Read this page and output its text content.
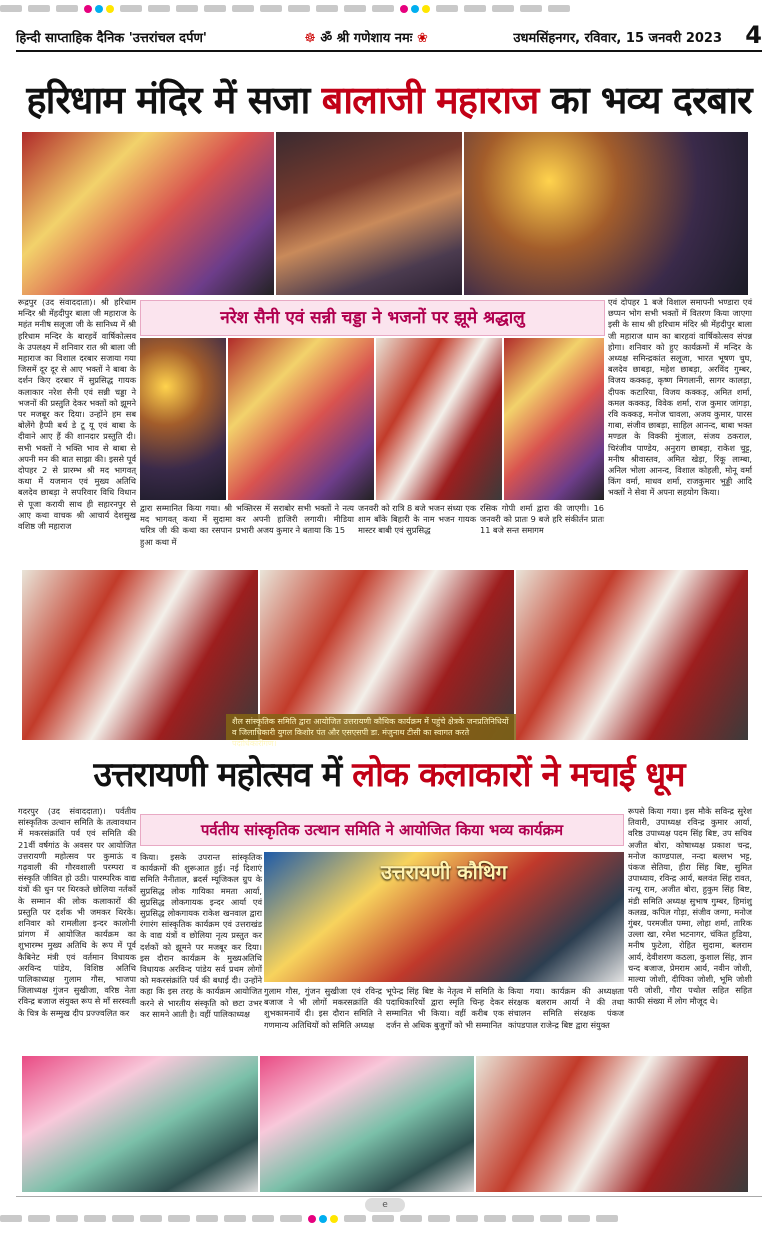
हिन्दी साप्ताहिक दैनिक 'उत्तरांचल दर्पण'	☸ ॐ श्री गणेशाय नमः ❀	उधमसिंहनगर, रविवार, 15 जनवरी 2023 4
हरिधाम मंदिर में सजा बालाजी महाराज का भव्य दरबार

रूद्रपुर (उद संवाददाता)। श्री हरिधाम मन्दिर श्री मेंहदीपुर बाला जी महाराज के महंत मनीष सलूजा जी के सानिध्य में श्री हरिधाम मन्दिर के बारहवें वार्षिकोत्सव के उपलक्ष्य में शनिवार रात श्री बाला जी महाराज का विशाल दरबार सजाया गया जिसमें दूर दूर से आए भक्तों ने बाबा के दर्शन किए दरबार में सुप्रसिद्ध गायक कलाकार नरेश सैनी एवं सन्नी चड्डा ने भजनों की प्रस्तुति देकर भक्तों को झूमने पर मजबूर कर दिया। उन्होंने हम सब बोलेंगे हैप्पी बर्थ डे टू यू एवं बाबा के दीवाने आए हैं की शानदार प्रस्तुति दी। सभी भक्तों ने भक्ति भाव से बाबा से अपनी मन की बात साझा की। इससे पूर्व दोपहर 2 से प्रारम्भ श्री मद भागवत् कथा में यजमान एवं मुख्य अतिथि बलदेव छाबड़ा ने सपरिवार विधि विधान से पूजा करायी साथ ही सहारनपुर से आए कथा वाचक श्री आचार्य देशसुख वशिष्ठ जी महाराज

नरेश सैनी एवं सन्नी चड्डा ने भजनों पर झूमे श्रद्धालु

द्वारा सम्मानित किया गया। श्री मद भागवत् कथा में सुदामा चरित्र जी की कथा का रसपान हुआ कथा में

भक्तिरस में सराबोर सभी भक्तों ने नत्य कर अपनी हाजिरी लगायी। मीडिया प्रभारी अजय कुमार ने बताया कि 15

जनवरी को रात्रि 8 बजे भजन संध्या एक शाम बाँके बिहारी के नाम भजन गायक मास्टर बाबी एवं सुप्रसिद्ध

रसिक गोपी शर्मा द्वारा की जाएगी। 16 जनवरी को प्रातः 9 बजे हरि संकीर्तन प्रातः 11 बजे सन्त समागम

एवं दोपहर 1 बजे विशाल समापनी भण्डारा एवं छप्पन भोग सभी भक्तों में वितरण किया जाएगा इसी के साथ श्री हरिधाम मंदिर श्री मेंहदीपुर बाला जी महाराज धाम का बारहवां वार्षिकोत्सव संपन्न होगा। शनिवार को हुए कार्यक्रमों में मन्दिर के अध्यक्ष समिन्द्रकांत सलूजा, भारत भूषण चुघ, बलदेव छाबड़ा, महेश छाबड़ा, अरविंद गुम्बर, विजय कक्कड़, कृष्ण मिगलानी, सागर कालड़ा, दीपक कटारिया, विजय कक्कड़, अमित शर्मा, कमल कक्कड़, विवेक शर्मा, राज कुमार जांगड़ा, रवि कक्कड़, मनोज चावला, अजय कुमार, पारस गाबा, संजीव छाबड़ा, साहिल आनन्द, बाबा भक्त मण्डल के विक्की मुंजाल, संजय ठकराल, चिरंजीव पाण्डेय, अनुराग छाबड़ा, राकेश चुट्ट, मनीष श्रीवास्तव, अमित खेड़ा, रिंकू लाम्बा, अनिल भोला आनन्द, विशाल कोहली, मोनू वर्मा किंग वर्मा, माधव शर्मा, राजकुमार भुड्डी आदि भक्तों ने सेवा में अपना सहयोग किया।

शैल सांस्कृतिक समिति द्वारा आयोजित उत्तरायणी कौथिक कार्यक्रम में पहुंचे क्षेत्रके जनप्रतिनिधियों व जिलाधिकारी युगल किशोर पंत और एसएसपी डा. मंजुनाथ टीसी का स्वागत करते पदाधिकारीगण।
उत्तरायणी महोत्सव में लोक कलाकारों ने मचाई धूम

गदरपुर (उद संवाददाता)। पर्वतीय सांस्कृतिक उत्थान समिति के तत्वावधान में मकरसंक्रांति पर्व एवं समिति की 21वीं वर्षगांठ के अवसर पर आयोजित उत्तरायणी महोत्सव पर कुमाऊं व गढ़वाली की गौरवशाली परम्परा व संस्कृति जीवित हो उठी। पारम्परिक वाद्य यंत्रों की धुन पर थिरकते छोलिया नर्तकों के सम्मान की लोक कलाकारों की प्रस्तुति पर दर्शक भी जमकर थिरके। शनिवार को रामलीला इन्दर कालोनी प्रांगण में आयोजित कार्यक्रम का शुभारम्भ मुख्य अतिथि के रूप में पूर्व कैबिनेट मंत्री एवं वर्तमान विधायक अरविन्द पांडेय, विशिष्ठ अतिथि पालिकाध्यक्ष गुलाम गौस, भाजपा जिलाध्यक्ष गुंजन सुखीजा, वरिष्ठ नेता रविन्द्र बजाज संयुक्त रूप से माँ सरस्वती के चित्र के सम्मुख दीप प्रज्ज्वलित कर

पर्वतीय सांस्कृतिक उत्थान समिति ने आयोजित किया भव्य कार्यक्रम

किया। इसके उपरान्त सांस्कृतिक कार्यक्रमों की शुरूआत हुई। नई दिशाएं समिति नैनीताल, ब्रदर्स म्यूजिकल ग्रुप के सुप्रसिद्ध लोक गायिका ममता आर्या, सुप्रसिद्ध लोकगायक इन्दर आर्या एवं सुप्रसिद्ध लोकगायक राकेश खनवाल द्वारा रंगारंग सांस्कृतिक कार्यक्रम एवं उत्तराखंड के वाद्य यंत्रों व छोलिया नृत्य प्रस्तुत कर दर्शकों को झूमने पर मजबूर कर दिया। इस दौरान कार्यक्रम के मुख्यअतिथि विधायक अरविन्द पांडेय सर्व प्रथम लोगों को मकरसंक्रांति पर्व की बधाई दी। उन्होंने कहा कि इस तरह के कार्यक्रम आयोजित करने से भारतीय संस्कृति को छटा उभर कर सामने आती है। वहीं पालिकाध्यक्ष

उत्तरायणी कौथिग

गुलाम गौस, गुंजन सुखीजा एवं रविन्द्र बजाज ने भी लोगों मकरसक्रांति की शुभकामनायें दी। इस दौरान समिति ने गणमान्य अतिथियों को समिति अध्यक्ष

भूपेन्द्र सिंह बिष्ट के नेतृत्व में समिति के पदाधिकारियों द्वारा स्मृति चिन्ह देकर सम्मानित भी किया। वहीं करीब एक दर्जन से अधिक बुजुर्गों को भी सम्मानित

किया गया। कार्यक्रम की अध्यक्षता संरक्षक बलराम आर्या ने की तथा संचालन समिति संरक्षक पंकज कांपडपाल राजेन्द्र बिष्ट द्वारा संयुक्त

रूपसे किया गया। इस मौके सविन्द्र सुरेश तिवारी, उपाध्यक्ष रविन्द्र कुमार आर्या, वरिष्ठ उपाध्यक्ष पदम सिंह बिष्ट, उप सचिव अजीत बोरा, कोषाध्यक्ष प्रकाश चन्द्र, मनोज काण्डपाल, नन्दा बल्लभ भट्ट, पंकज सेतिया, हीरा सिंह बिष्ट, सुमित उपाध्याय, रविन्द्र आर्य, बलवंत सिंह रावत, नत्थू राम, अजीत बोरा, हुकुम सिंह बिष्ट, मंडी समिति अध्यक्ष सुभाष गुम्बर, हिमांशु कलख़, कपिल गोड़ा, संजीव जग्गा, मनोज गुंबर, परमजीत पम्मा, लोहा शर्मा, तारिक उल्ला खा, रमेश भटनागर, चंकित हुडिया, मनीष फुटेला, रोहित सुदामा, बलराम आर्य, देवीशरण कठला, कुशाल सिंह, ज्ञान चन्द बजाज, प्रेमराम आर्य, नवीन जोशी, माल्या जोशी, दीपिका जोशी, भूमि जोशी परी जोशी, गौरा पथोल सहित सहित काफी संख्या में लोग मौजूद थे।

e
